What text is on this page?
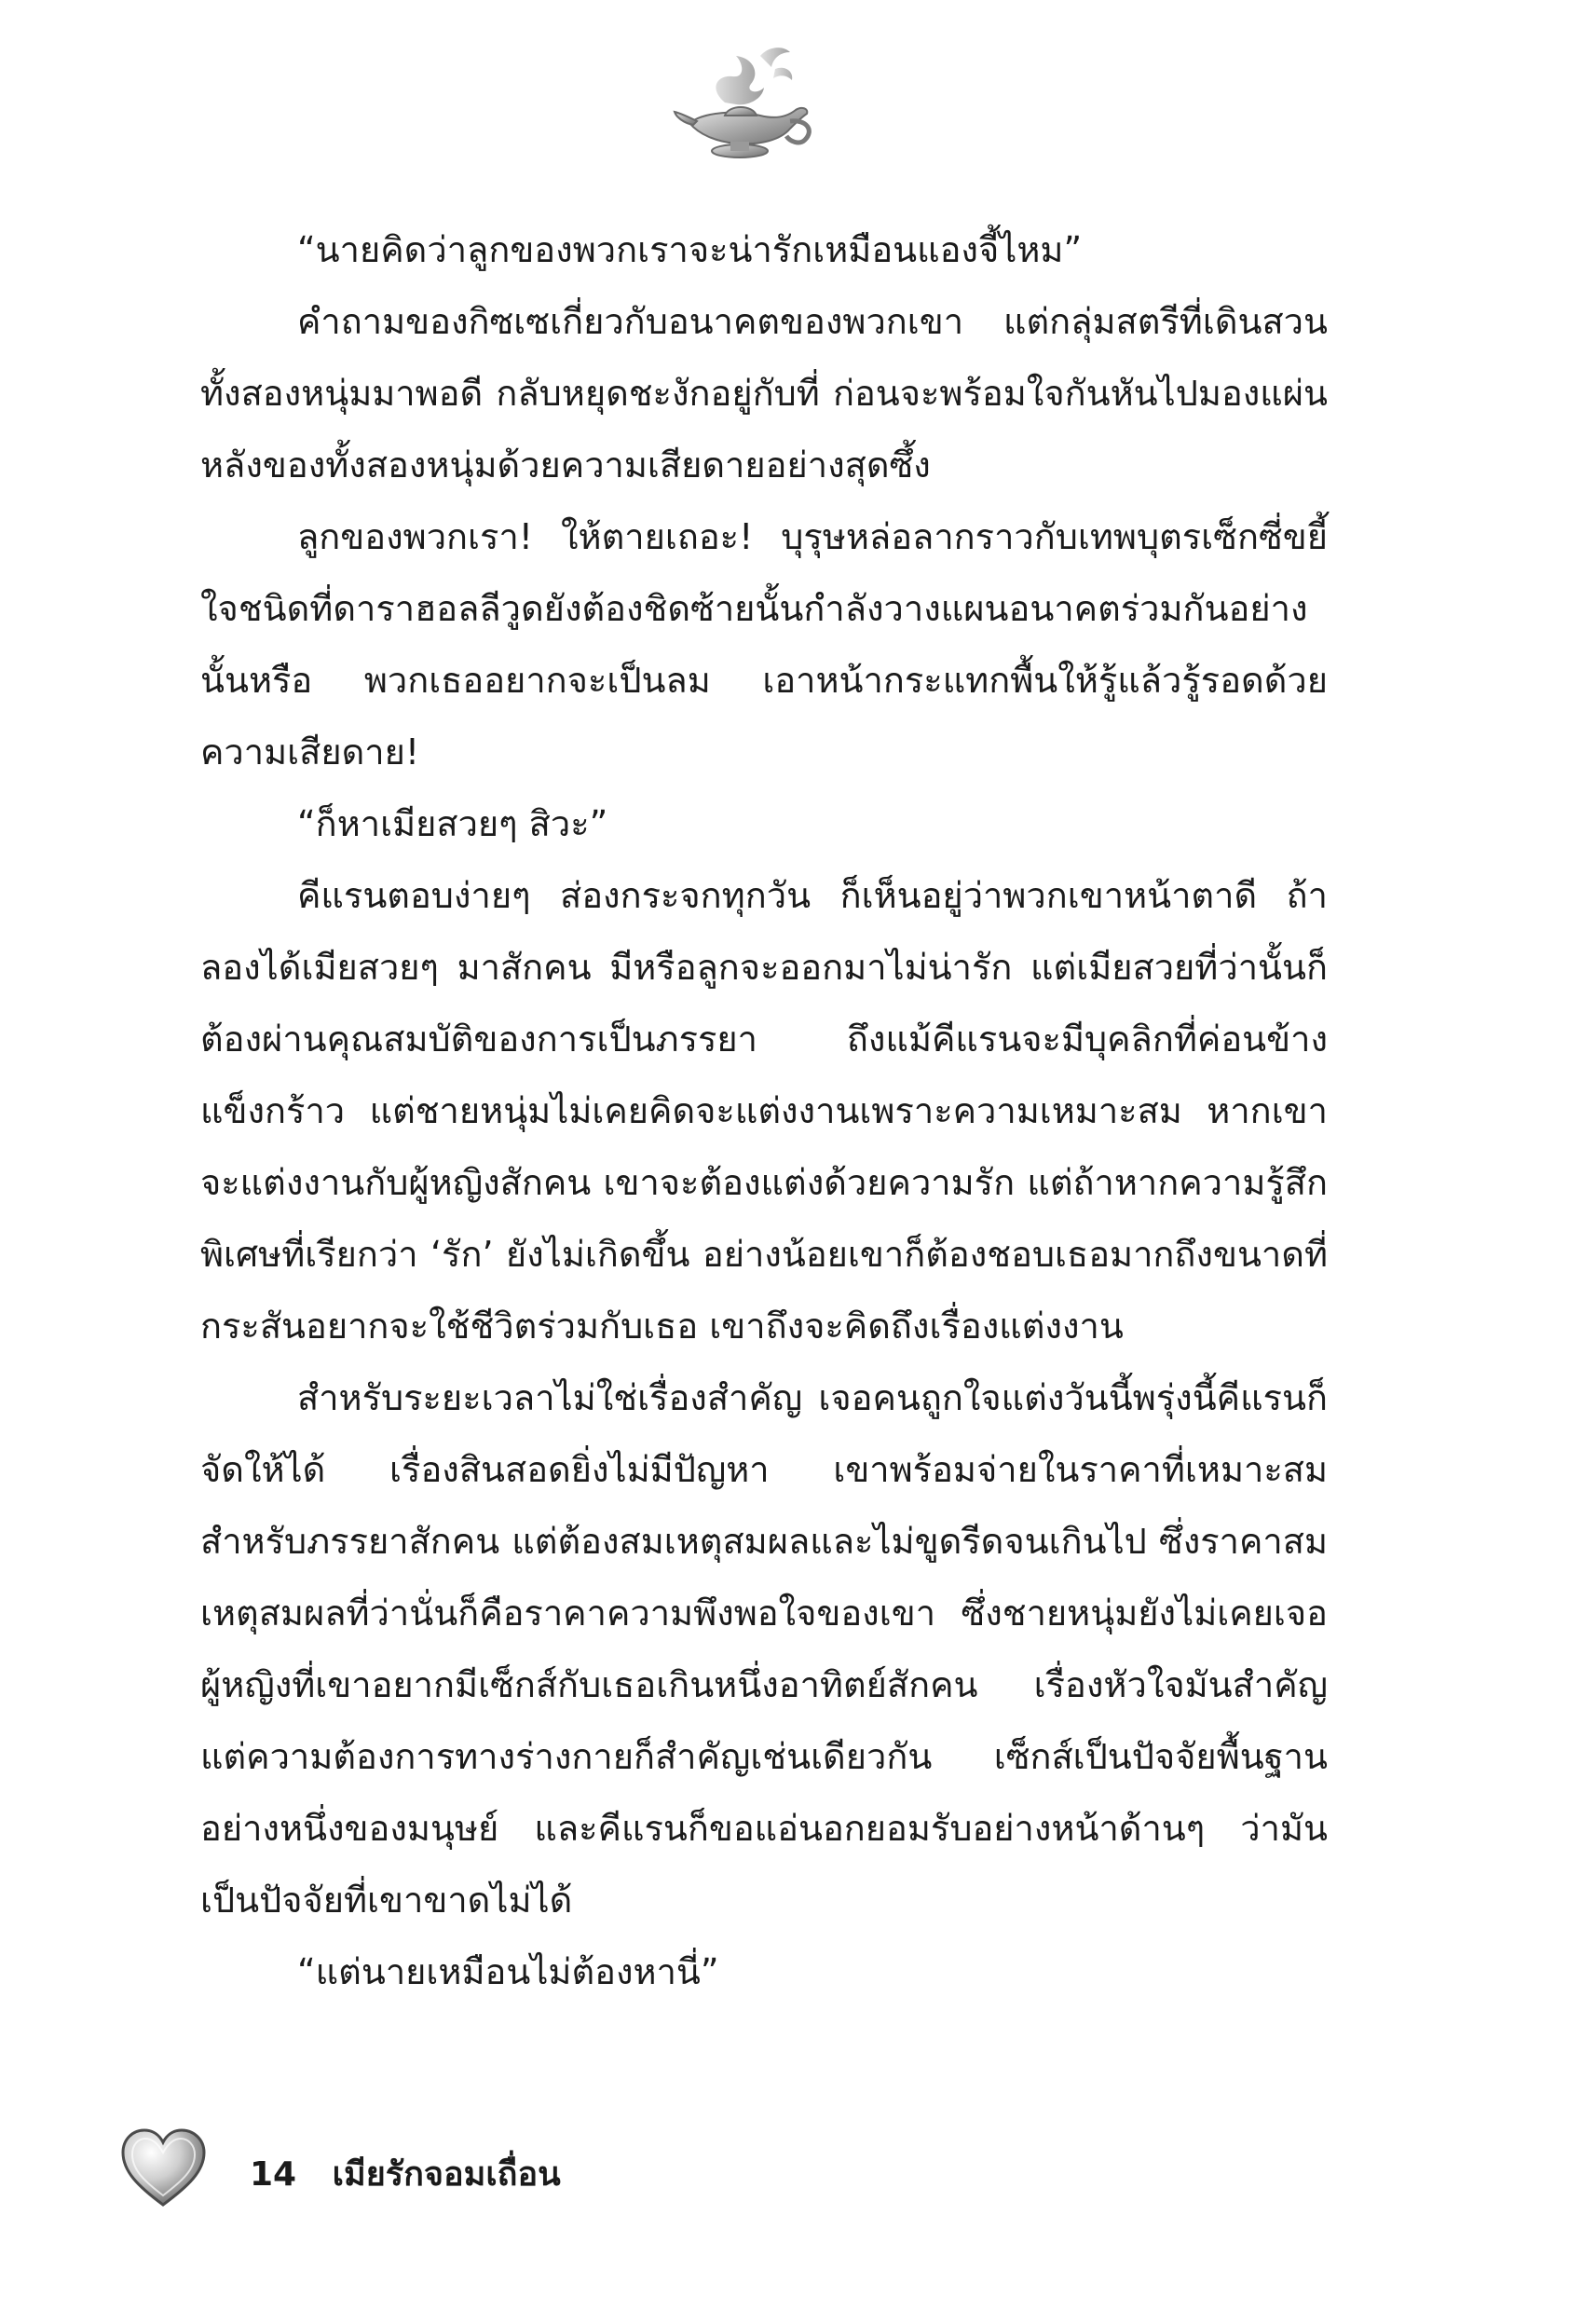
“นายคิดว่าลูกของพวกเราจะน่ารักเหมือนแองจี้ไหม”

คำถามของกิซเซเกี่ยวกับอนาคตของพวกเขา แต่กลุ่มสตรีที่เดินสวนทั้งสองหนุ่มมาพอดี กลับหยุดชะงักอยู่กับที่ ก่อนจะพร้อมใจกันหันไปมองแผ่นหลังของทั้งสองหนุ่มด้วยความเสียดายอย่างสุดซึ้ง

ลูกของพวกเรา! ให้ตายเถอะ! บุรุษหล่อลากราวกับเทพบุตรเซ็กซี่ขยี้ใจชนิดที่ดาราฮอลลีวูดยังต้องชิดซ้ายนั้นกำลังวางแผนอนาคตร่วมกันอย่างนั้นหรือ พวกเธออยากจะเป็นลม เอาหน้ากระแทกพื้นให้รู้แล้วรู้รอดด้วยความเสียดาย!

“ก็หาเมียสวยๆ สิวะ”

คีแรนตอบง่ายๆ ส่องกระจกทุกวัน ก็เห็นอยู่ว่าพวกเขาหน้าตาดี ถ้าลองได้เมียสวยๆ มาสักคน มีหรือลูกจะออกมาไม่น่ารัก แต่เมียสวยที่ว่านั้นก็ต้องผ่านคุณสมบัติของการเป็นภรรยา ถึงแม้คีแรนจะมีบุคลิกที่ค่อนข้างแข็งกร้าว แต่ชายหนุ่มไม่เคยคิดจะแต่งงานเพราะความเหมาะสม หากเขาจะแต่งงานกับผู้หญิงสักคน เขาจะต้องแต่งด้วยความรัก แต่ถ้าหากความรู้สึกพิเศษที่เรียกว่า ‘รัก’ ยังไม่เกิดขึ้น อย่างน้อยเขาก็ต้องชอบเธอมากถึงขนาดที่กระสันอยากจะใช้ชีวิตร่วมกับเธอ เขาถึงจะคิดถึงเรื่องแต่งงาน

สำหรับระยะเวลาไม่ใช่เรื่องสำคัญ เจอคนถูกใจแต่งวันนี้พรุ่งนี้คีแรนก็จัดให้ได้ เรื่องสินสอดยิ่งไม่มีปัญหา เขาพร้อมจ่ายในราคาที่เหมาะสม สำหรับภรรยาสักคน แต่ต้องสมเหตุสมผลและไม่ขูดรีดจนเกินไป ซึ่งราคาสมเหตุสมผลที่ว่านั่นก็คือราคาความพึงพอใจของเขา ซึ่งชายหนุ่มยังไม่เคยเจอผู้หญิงที่เขาอยากมีเซ็กส์กับเธอเกินหนึ่งอาทิตย์สักคน เรื่องหัวใจมันสำคัญ แต่ความต้องการทางร่างกายก็สำคัญเช่นเดียวกัน เซ็กส์เป็นปัจจัยพื้นฐานอย่างหนึ่งของมนุษย์ และคีแรนก็ขอแอ่นอกยอมรับอย่างหน้าด้านๆ ว่ามันเป็นปัจจัยที่เขาขาดไม่ได้

“แต่นายเหมือนไม่ต้องหานี่”

14 เมียรักจอมเถื่อน
